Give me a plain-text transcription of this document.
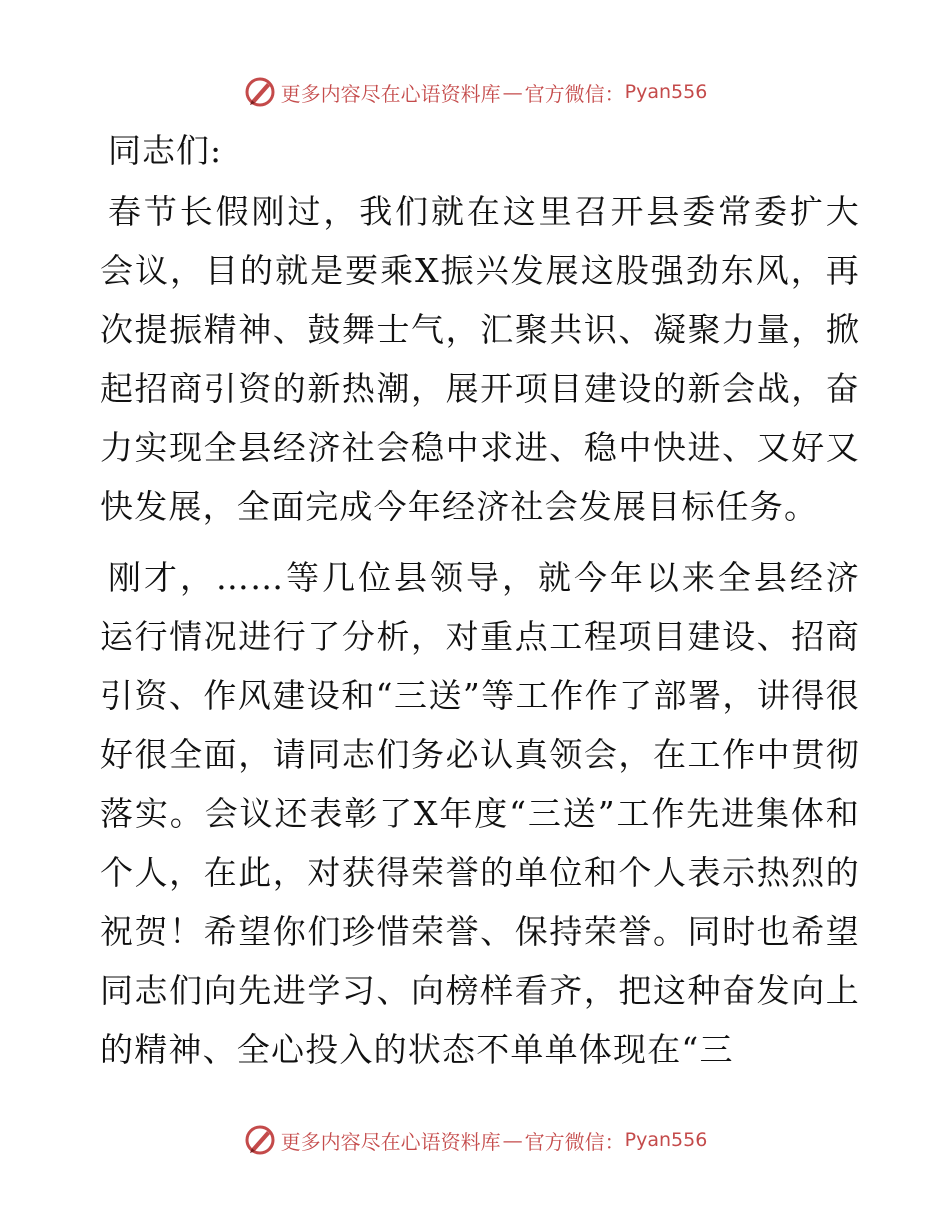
更多内容尽在心语资料库 — 官方微信： Pyan556

同志们:

春节长假刚过，我们就在这里召开县委常委扩大会议，目的就是要乘X振兴发展这股强劲东风，再次提振精神、鼓舞士气，汇聚共识、凝聚力量，掀起招商引资的新热潮，展开项目建设的新会战，奋力实现全县经济社会稳中求进、稳中快进、又好又快发展，全面完成今年经济社会发展目标任务。

刚才，……等几位县领导，就今年以来全县经济运行情况进行了分析，对重点工程项目建设、招商引资、作风建设和“三送”等工作作了部署，讲得很好很全面，请同志们务必认真领会，在工作中贯彻落实。会议还表彰了X年度“三送”工作先进集体和个人，在此，对获得荣誉的单位和个人表示热烈的祝贺！希望你们珍惜荣誉、保持荣誉。同时也希望同志们向先进学习、向榜样看齐，把这种奋发向上的精神、全心投入的状态不单单体现在“三

更多内容尽在心语资料库 — 官方微信： Pyan556
